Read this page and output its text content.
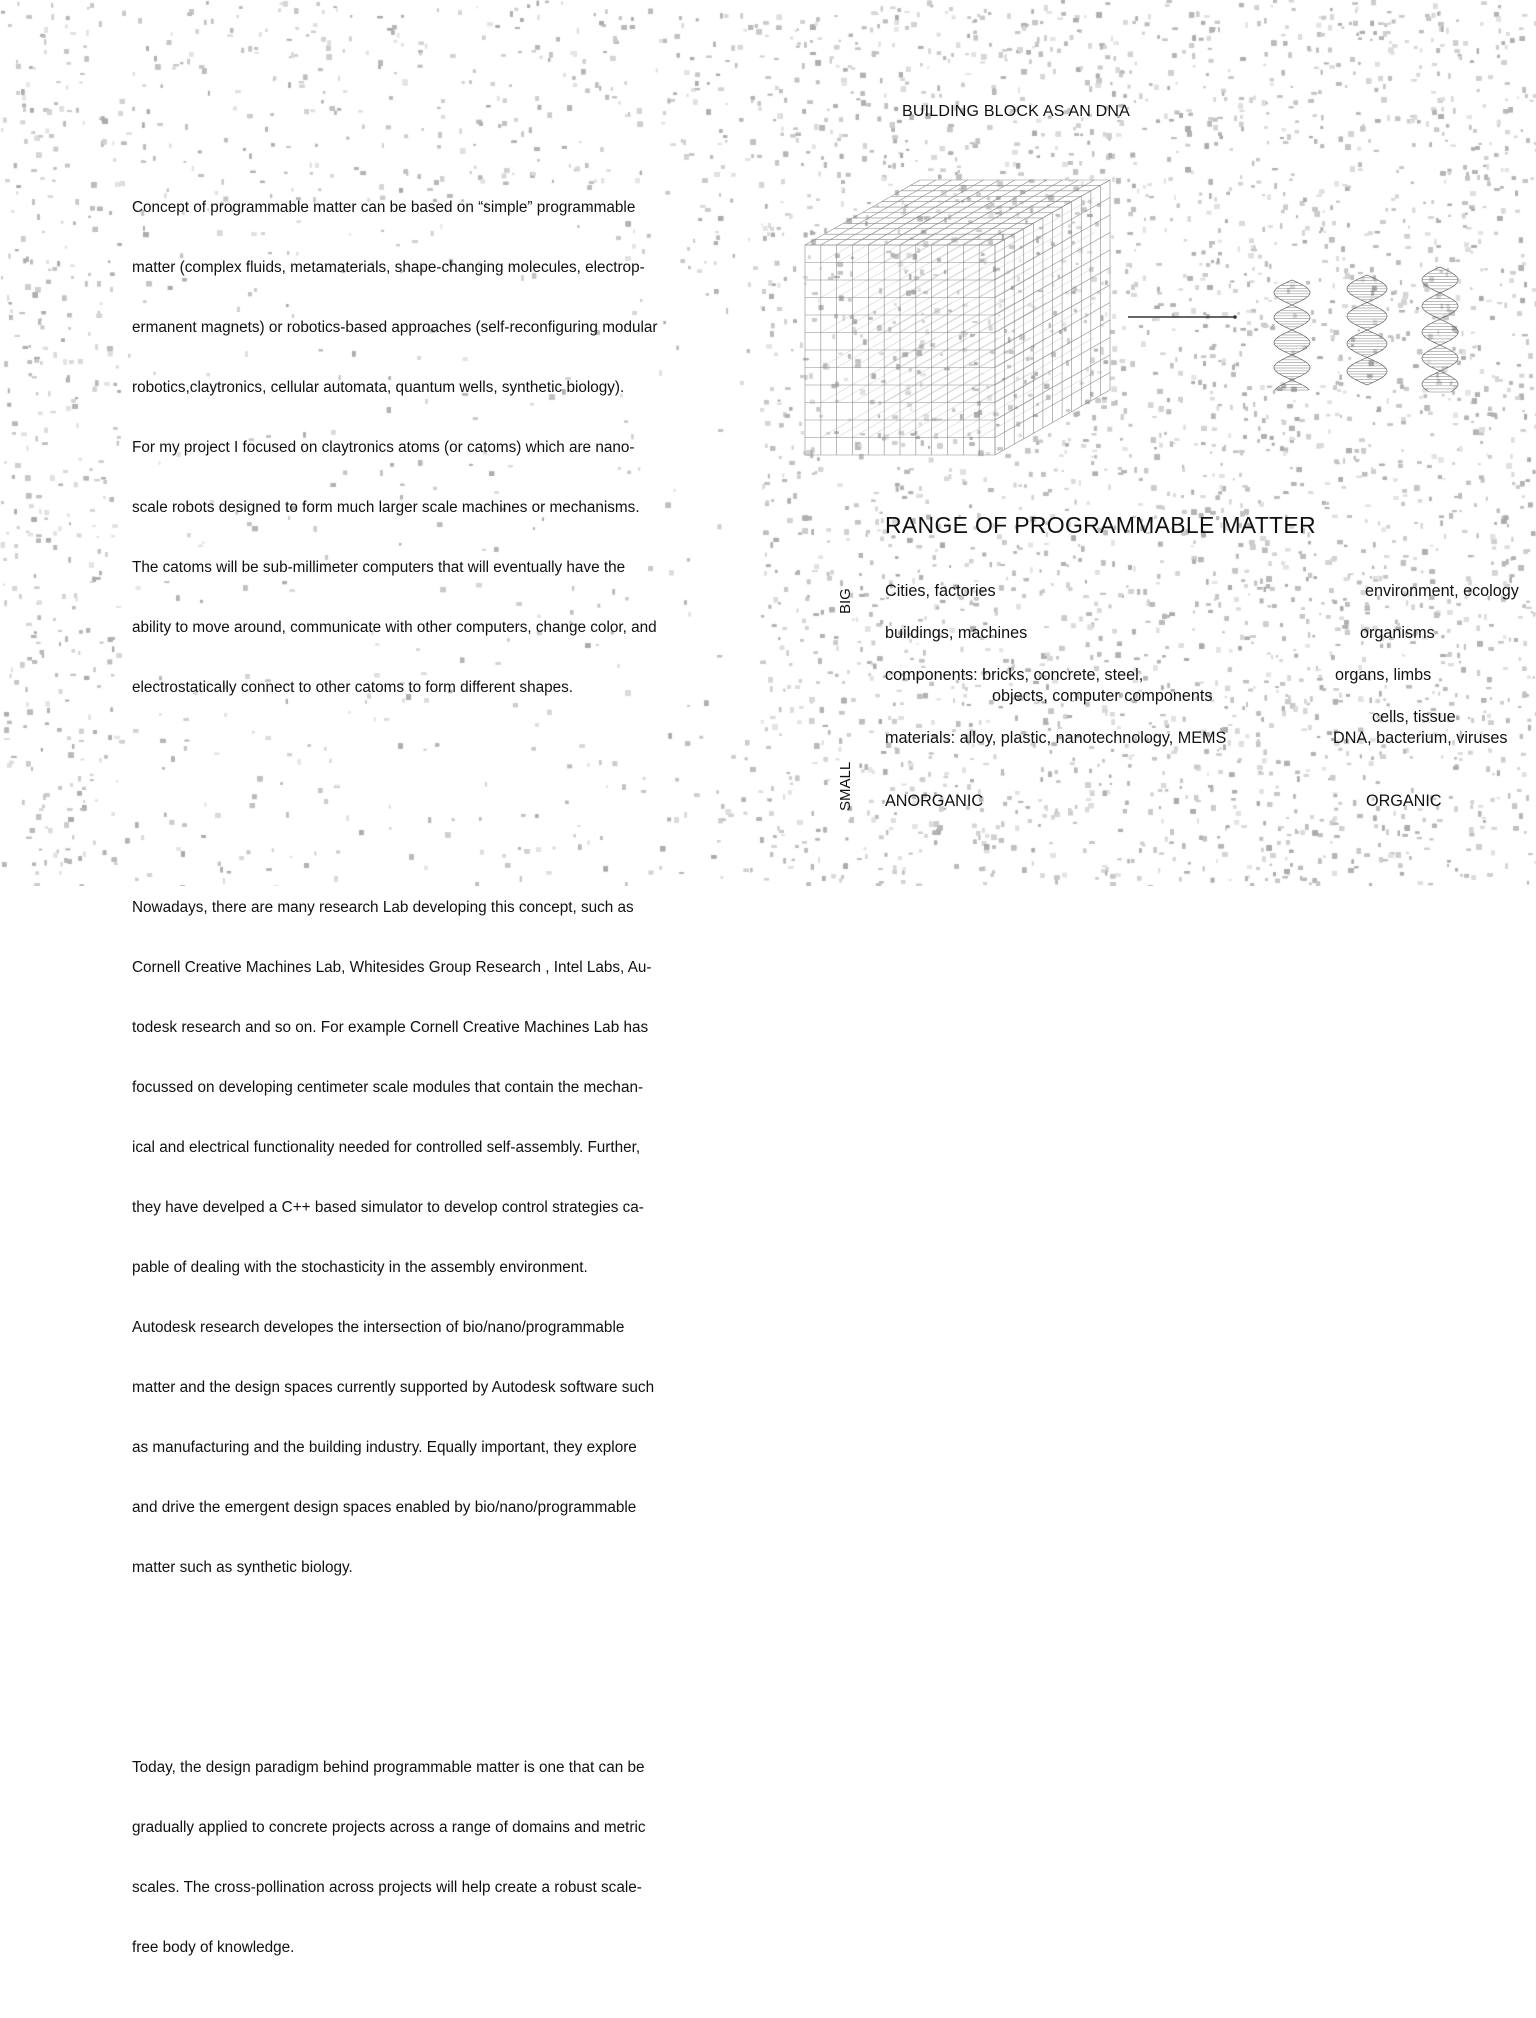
Concept of programmable matter can be based on “simple” programmable

matter (complex fluids, metamaterials, shape-changing molecules, electrop-

ermanent magnets) or robotics-based approaches (self-reconfiguring modular

robotics,claytronics, cellular automata, quantum wells, synthetic biology).

For my project I focused on claytronics atoms (or catoms) which are nano-

scale robots designed to form much larger scale machines or mechanisms.

The catoms will be sub-millimeter computers that will eventually have the

ability to move around, communicate with other computers, change color, and

electrostatically connect to other catoms to form different shapes.

Nowadays, there are many research Lab developing this concept, such as

Cornell Creative Machines Lab, Whitesides Group Research , Intel Labs, Au-

todesk research and so on. For example Cornell Creative Machines Lab has

focussed on developing centimeter scale modules that contain the mechan-

ical and electrical functionality needed for controlled self-assembly. Further,

they have develped a C++ based simulator to develop control strategies ca-

pable of dealing with the stochasticity in the assembly environment.

Autodesk research developes the intersection of bio/nano/programmable

matter and the design spaces currently supported by Autodesk software such

as manufacturing and the building industry. Equally important, they explore

and drive the emergent design spaces enabled by bio/nano/programmable

matter such as synthetic biology.

Today, the design paradigm behind programmable matter is one that can be

gradually applied to concrete projects across a range of domains and metric

scales. The cross-pollination across projects will help create a robust scale-

free body of knowledge.

BUILDING BLOCK AS AN DNA
RANGE OF PROGRAMMABLE MATTER
BIG
SMALL
Cities, factories
buildings, machines
components: bricks, concrete, steel,
objects, computer components
materials: alloy, plastic, nanotechnology, MEMS
ANORGANIC
environment, ecology
organisms
organs, limbs
cells, tissue
DNA, bacterium, viruses
ORGANIC
